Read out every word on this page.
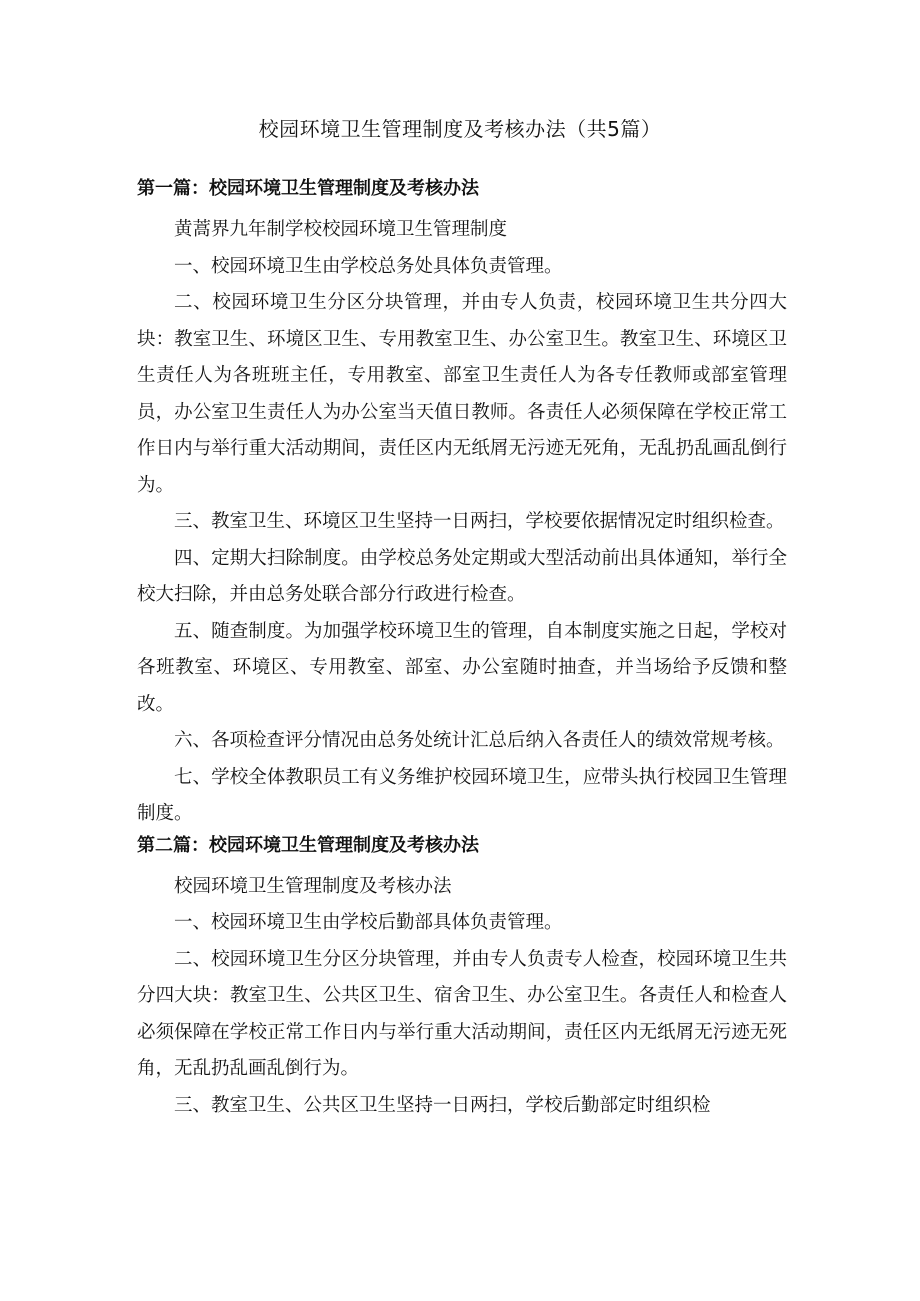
校园环境卫生管理制度及考核办法（共5篇）

第一篇：校园环境卫生管理制度及考核办法

黄蒿界九年制学校校园环境卫生管理制度

一、校园环境卫生由学校总务处具体负责管理。

二、校园环境卫生分区分块管理，并由专人负责，校园环境卫生共分四大块：教室卫生、环境区卫生、专用教室卫生、办公室卫生。教室卫生、环境区卫生责任人为各班班主任，专用教室、部室卫生责任人为各专任教师或部室管理员，办公室卫生责任人为办公室当天值日教师。各责任人必须保障在学校正常工作日内与举行重大活动期间，责任区内无纸屑无污迹无死角，无乱扔乱画乱倒行为。

三、教室卫生、环境区卫生坚持一日两扫，学校要依据情况定时组织检查。

四、定期大扫除制度。由学校总务处定期或大型活动前出具体通知，举行全校大扫除，并由总务处联合部分行政进行检查。

五、随查制度。为加强学校环境卫生的管理，自本制度实施之日起，学校对各班教室、环境区、专用教室、部室、办公室随时抽查，并当场给予反馈和整改。

六、各项检查评分情况由总务处统计汇总后纳入各责任人的绩效常规考核。

七、学校全体教职员工有义务维护校园环境卫生，应带头执行校园卫生管理制度。

第二篇：校园环境卫生管理制度及考核办法

校园环境卫生管理制度及考核办法

一、校园环境卫生由学校后勤部具体负责管理。

二、校园环境卫生分区分块管理，并由专人负责专人检查，校园环境卫生共分四大块：教室卫生、公共区卫生、宿舍卫生、办公室卫生。各责任人和检查人必须保障在学校正常工作日内与举行重大活动期间，责任区内无纸屑无污迹无死角，无乱扔乱画乱倒行为。

三、教室卫生、公共区卫生坚持一日两扫，学校后勤部定时组织检
